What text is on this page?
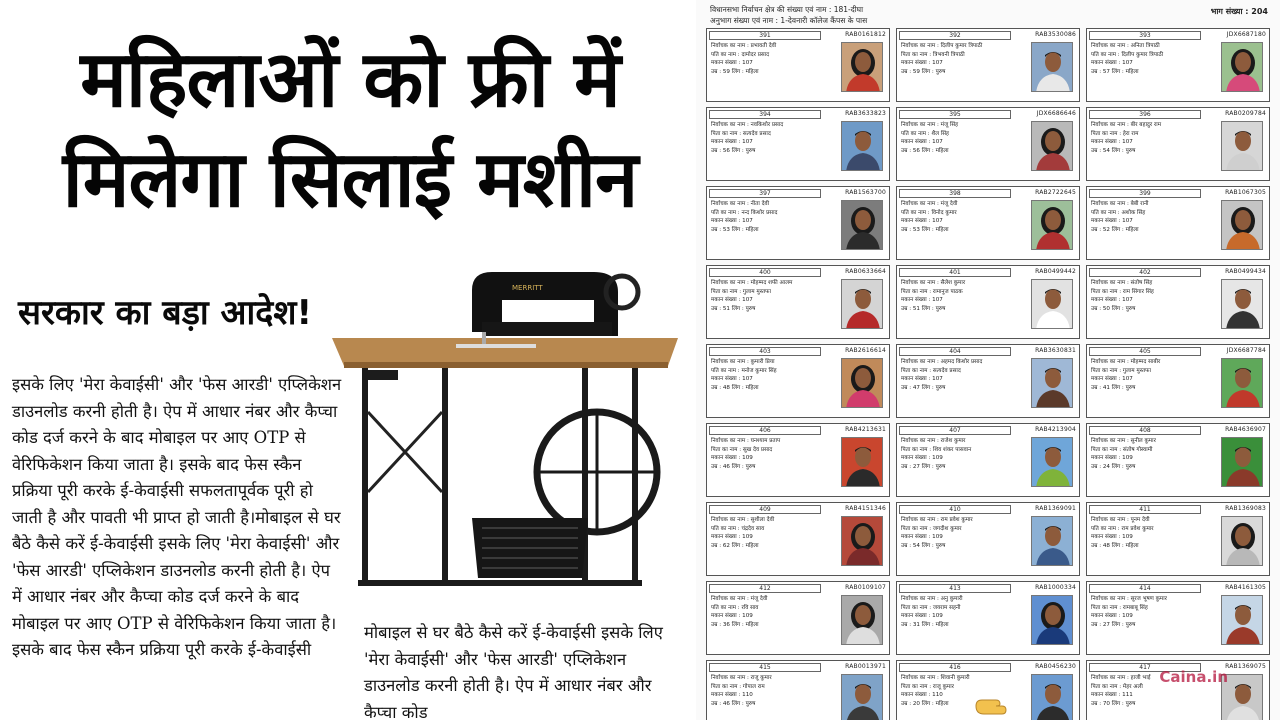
महिलाओं को फ्री में
मिलेगा सिलाई मशीन
सरकार का बड़ा आदेश!
इसके लिए 'मेरा केवाईसी' और 'फेस आरडी' एप्लिकेशन डाउनलोड करनी होती है। ऐप में आधार नंबर और कैप्चा कोड दर्ज करने के बाद मोबाइल पर आए OTP से वेरिफिकेशन किया जाता है। इसके बाद फेस स्कैन प्रक्रिया पूरी करके ई-केवाईसी सफलतापूर्वक पूरी हो जाती है और पावती भी प्राप्त हो जाती है।मोबाइल से घर बैठे कैसे करें ई-केवाईसी इसके लिए 'मेरा केवाईसी' और 'फेस आरडी' एप्लिकेशन डाउनलोड करनी होती है। ऐप में आधार नंबर और कैप्चा कोड दर्ज करने के बाद मोबाइल पर आए OTP से वेरिफिकेशन किया जाता है। इसके बाद फेस स्कैन प्रक्रिया पूरी करके ई-केवाईसी
MERRITT
मोबाइल से घर बैठे कैसे करें ई-केवाईसी इसके लिए 'मेरा केवाईसी' और 'फेस आरडी' एप्लिकेशन डाउनलोड करनी होती है। ऐप में आधार नंबर और कैप्चा कोड
विधानसभा निर्वाचन क्षेत्र की संख्या एवं नाम : 181-दीघा
अनुभाग संख्या एवं नाम : 1-देवनारी कॉलेज कैंपस के पास
भाग संख्या : 204
391	RAB0161812
निर्वाचक का नाम : प्रभावती देवी
पति का नाम : दामोदर प्रसाद
मकान संख्या : 107
उम्र : 59 लिंग : महिला
392	RAB3530086
निर्वाचक का नाम : दिलीप कुमार त्रिपाठी
पिता का नाम : त्रिभवनी त्रिपाठी
मकान संख्या : 107
उम्र : 59 लिंग : पुरुष
393	JDX6687180
निर्वाचक का नाम : अनिता त्रिपाठी
पति का नाम : दिलीप कुमार त्रिपाठी
मकान संख्या : 107
उम्र : 57 लिंग : महिला
394	RAB3633823
निर्वाचक का नाम : नवकिशोर प्रसाद
पिता का नाम : सत्यदेव प्रसाद
मकान संख्या : 107
उम्र : 56 लिंग : पुरुष
395	JDX6686646
निर्वाचक का नाम : मंजू सिंह
पति का नाम : शैल सिंह
मकान संख्या : 107
उम्र : 56 लिंग : महिला
396	RAB0209784
निर्वाचक का नाम : बीर बहादुर राम
पिता का नाम : हेरा राम
मकान संख्या : 107
उम्र : 54 लिंग : पुरुष
397	RAB1563700
निर्वाचक का नाम : नीता देवी
पति का नाम : नन्द किशोर प्रसाद
मकान संख्या : 107
उम्र : 53 लिंग : महिला
398	RAB2722645
निर्वाचक का नाम : मंजू देवी
पति का नाम : विनोद कुमार
मकान संख्या : 107
उम्र : 53 लिंग : महिला
399	RAB1067305
निर्वाचक का नाम : बेबी रानी
पति का नाम : अशोक सिंह
मकान संख्या : 107
उम्र : 52 लिंग : महिला
400	RAB0633664
निर्वाचक का नाम : मोहम्मद शफी आलम
पिता का नाम : गुलाम मुस्तफा
मकान संख्या : 107
उम्र : 51 लिंग : पुरुष
401	RAB0499442
निर्वाचक का नाम : सैलेश कुमार
पिता का नाम : रामानुज पाठक
मकान संख्या : 107
उम्र : 51 लिंग : पुरुष
402	RAB0499434
निर्वाचक का नाम : संतोष सिंह
पिता का नाम : राम सिंगार सिंह
मकान संख्या : 107
उम्र : 50 लिंग : पुरुष
403	RAB2616614
निर्वाचक का नाम : कुमारी प्रिया
पति का नाम : मनोज कुमार सिंह
मकान संख्या : 107
उम्र : 48 लिंग : महिला
404	RAB3630831
निर्वाचक का नाम : अहमद किशोर प्रसाद
पिता का नाम : सत्यदेव प्रसाद
मकान संख्या : 107
उम्र : 47 लिंग : पुरुष
405	JDX6687784
निर्वाचक का नाम : मोहम्मद साबीर
पिता का नाम : गुलाम मुस्तफा
मकान संख्या : 107
उम्र : 41 लिंग : पुरुष
406	RAB4213631
निर्वाचक का नाम : घनश्याम प्रताप
पिता का नाम : सुख देव प्रसाद
मकान संख्या : 109
उम्र : 46 लिंग : पुरुष
407	RAB4213904
निर्वाचक का नाम : राजेश कुमार
पिता का नाम : शिव शंकर पासवान
मकान संख्या : 109
उम्र : 27 लिंग : पुरुष
408	RAB4636907
निर्वाचक का नाम : सुनील कुमार
पिता का नाम : संतोष गोस्वामी
मकान संख्या : 109
उम्र : 24 लिंग : पुरुष
409	RAB4151346
निर्वाचक का नाम : सुशीला देवी
पति का नाम : चंद्रदेव साव
मकान संख्या : 109
उम्र : 62 लिंग : महिला
410	RAB1369091
निर्वाचक का नाम : राम प्रवेश कुमार
पिता का नाम : जगदीश कुमार
मकान संख्या : 109
उम्र : 54 लिंग : पुरुष
411	RAB1369083
निर्वाचक का नाम : पूनम देवी
पति का नाम : राम प्रवेश कुमार
मकान संख्या : 109
उम्र : 48 लिंग : महिला
412	RAB0109107
निर्वाचक का नाम : मंजू देवी
पति का नाम : रवि साव
मकान संख्या : 109
उम्र : 36 लिंग : महिला
413	RAB1000334
निर्वाचक का नाम : अनु कुमारी
पिता का नाम : जयराम सहनी
मकान संख्या : 109
उम्र : 31 लिंग : महिला
414	RAB4161305
निर्वाचक का नाम : सूरज भूषण कुमार
पिता का नाम : रामबाबू सिंह
मकान संख्या : 109
उम्र : 27 लिंग : पुरुष
415	RAB0013971
निर्वाचक का नाम : राजू कुमार
पिता का नाम : गोपाल राम
मकान संख्या : 110
उम्र : 46 लिंग : पुरुष
416	RAB0456230
निर्वाचक का नाम : शिवानी कुमारी
पिता का नाम : राजू कुमार
मकान संख्या : 110
उम्र : 20 लिंग : महिला
417	RAB1369075
निर्वाचक का नाम : हाजी भाई
पिता का नाम : मेहर अली
मकान संख्या : 111
उम्र : 70 लिंग : पुरुष
Caina.in
